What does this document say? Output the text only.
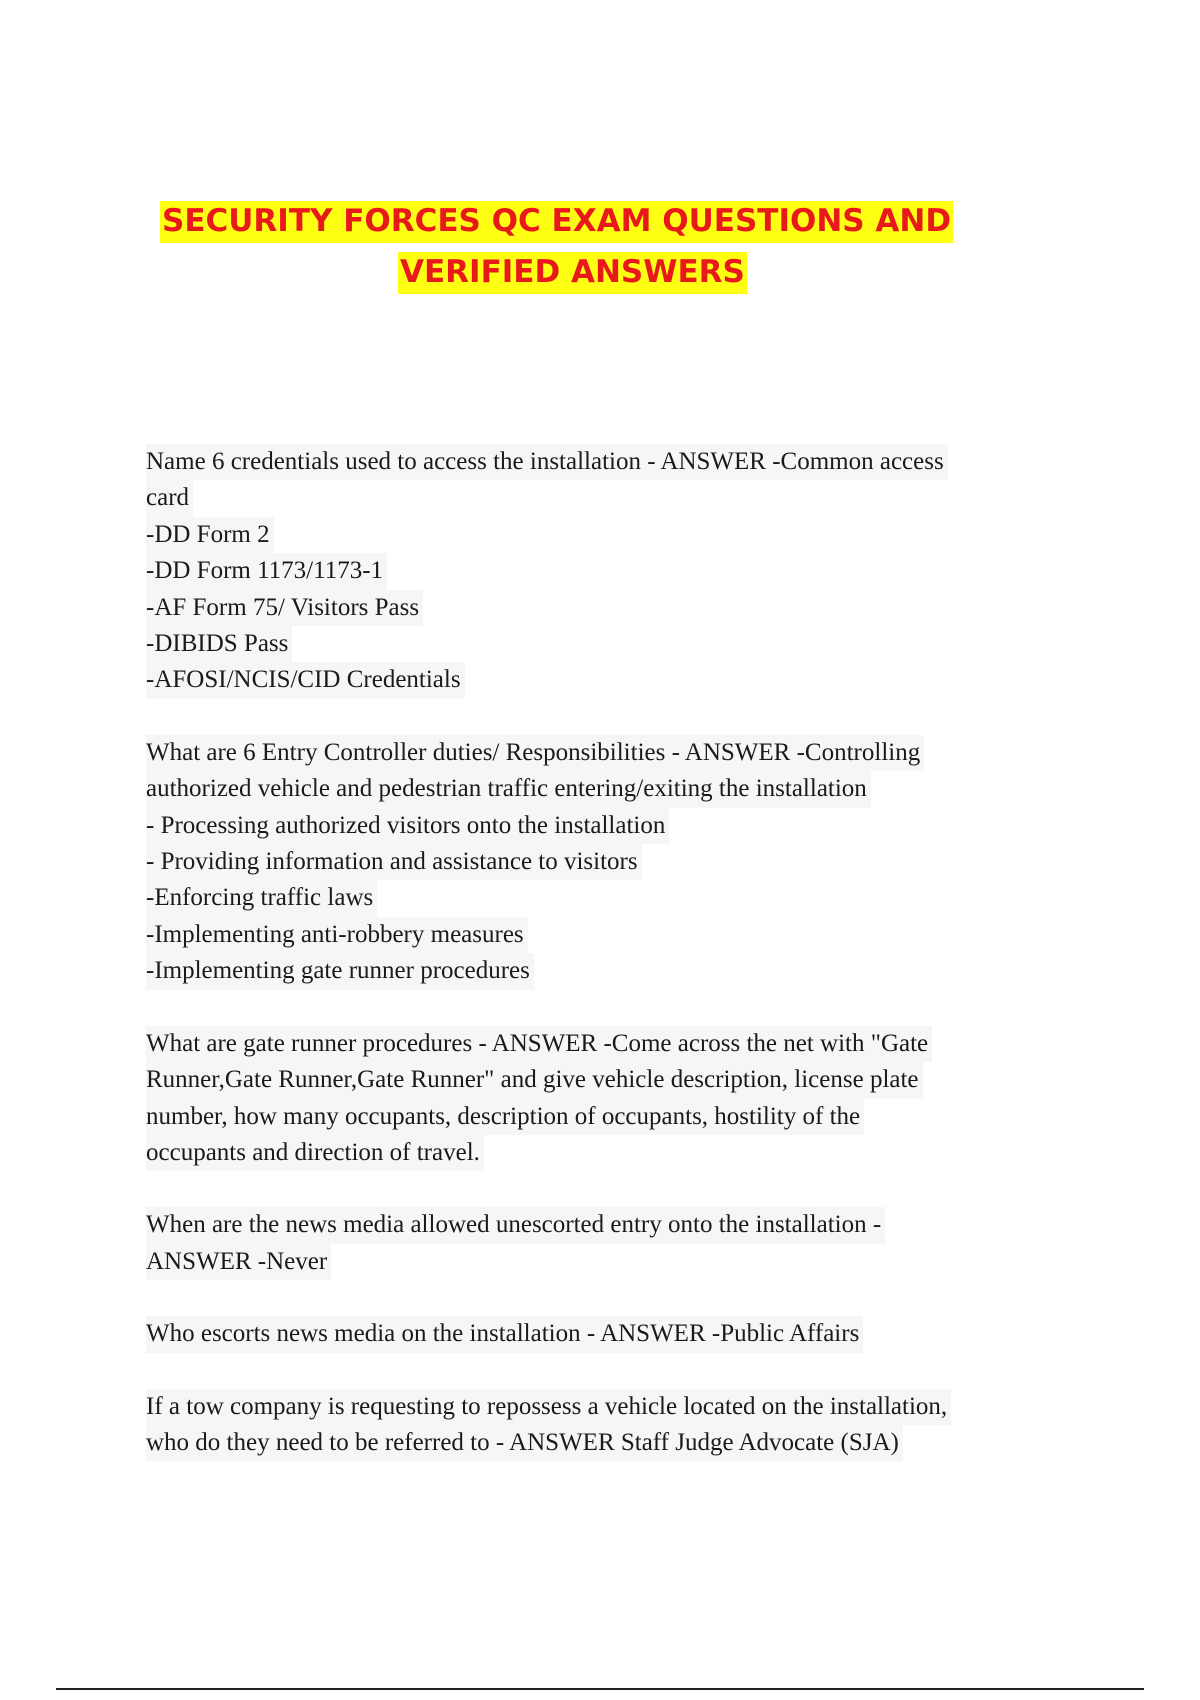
SECURITY FORCES QC EXAM QUESTIONS AND
VERIFIED ANSWERS
Name 6 credentials used to access the installation - ANSWER -Common access
card
-DD Form 2
-DD Form 1173/1173-1
-AF Form 75/ Visitors Pass
-DIBIDS Pass
-AFOSI/NCIS/CID Credentials
What are 6 Entry Controller duties/ Responsibilities - ANSWER -Controlling
authorized vehicle and pedestrian traffic entering/exiting the installation
- Processing authorized visitors onto the installation
- Providing information and assistance to visitors
-Enforcing traffic laws
-Implementing anti-robbery measures
-Implementing gate runner procedures
What are gate runner procedures - ANSWER -Come across the net with "Gate
Runner,Gate Runner,Gate Runner" and give vehicle description, license plate
number, how many occupants, description of occupants, hostility of the
occupants and direction of travel.
When are the news media allowed unescorted entry onto the installation -
ANSWER -Never
Who escorts news media on the installation - ANSWER -Public Affairs
If a tow company is requesting to repossess a vehicle located on the installation,
who do they need to be referred to - ANSWER Staff Judge Advocate (SJA)
